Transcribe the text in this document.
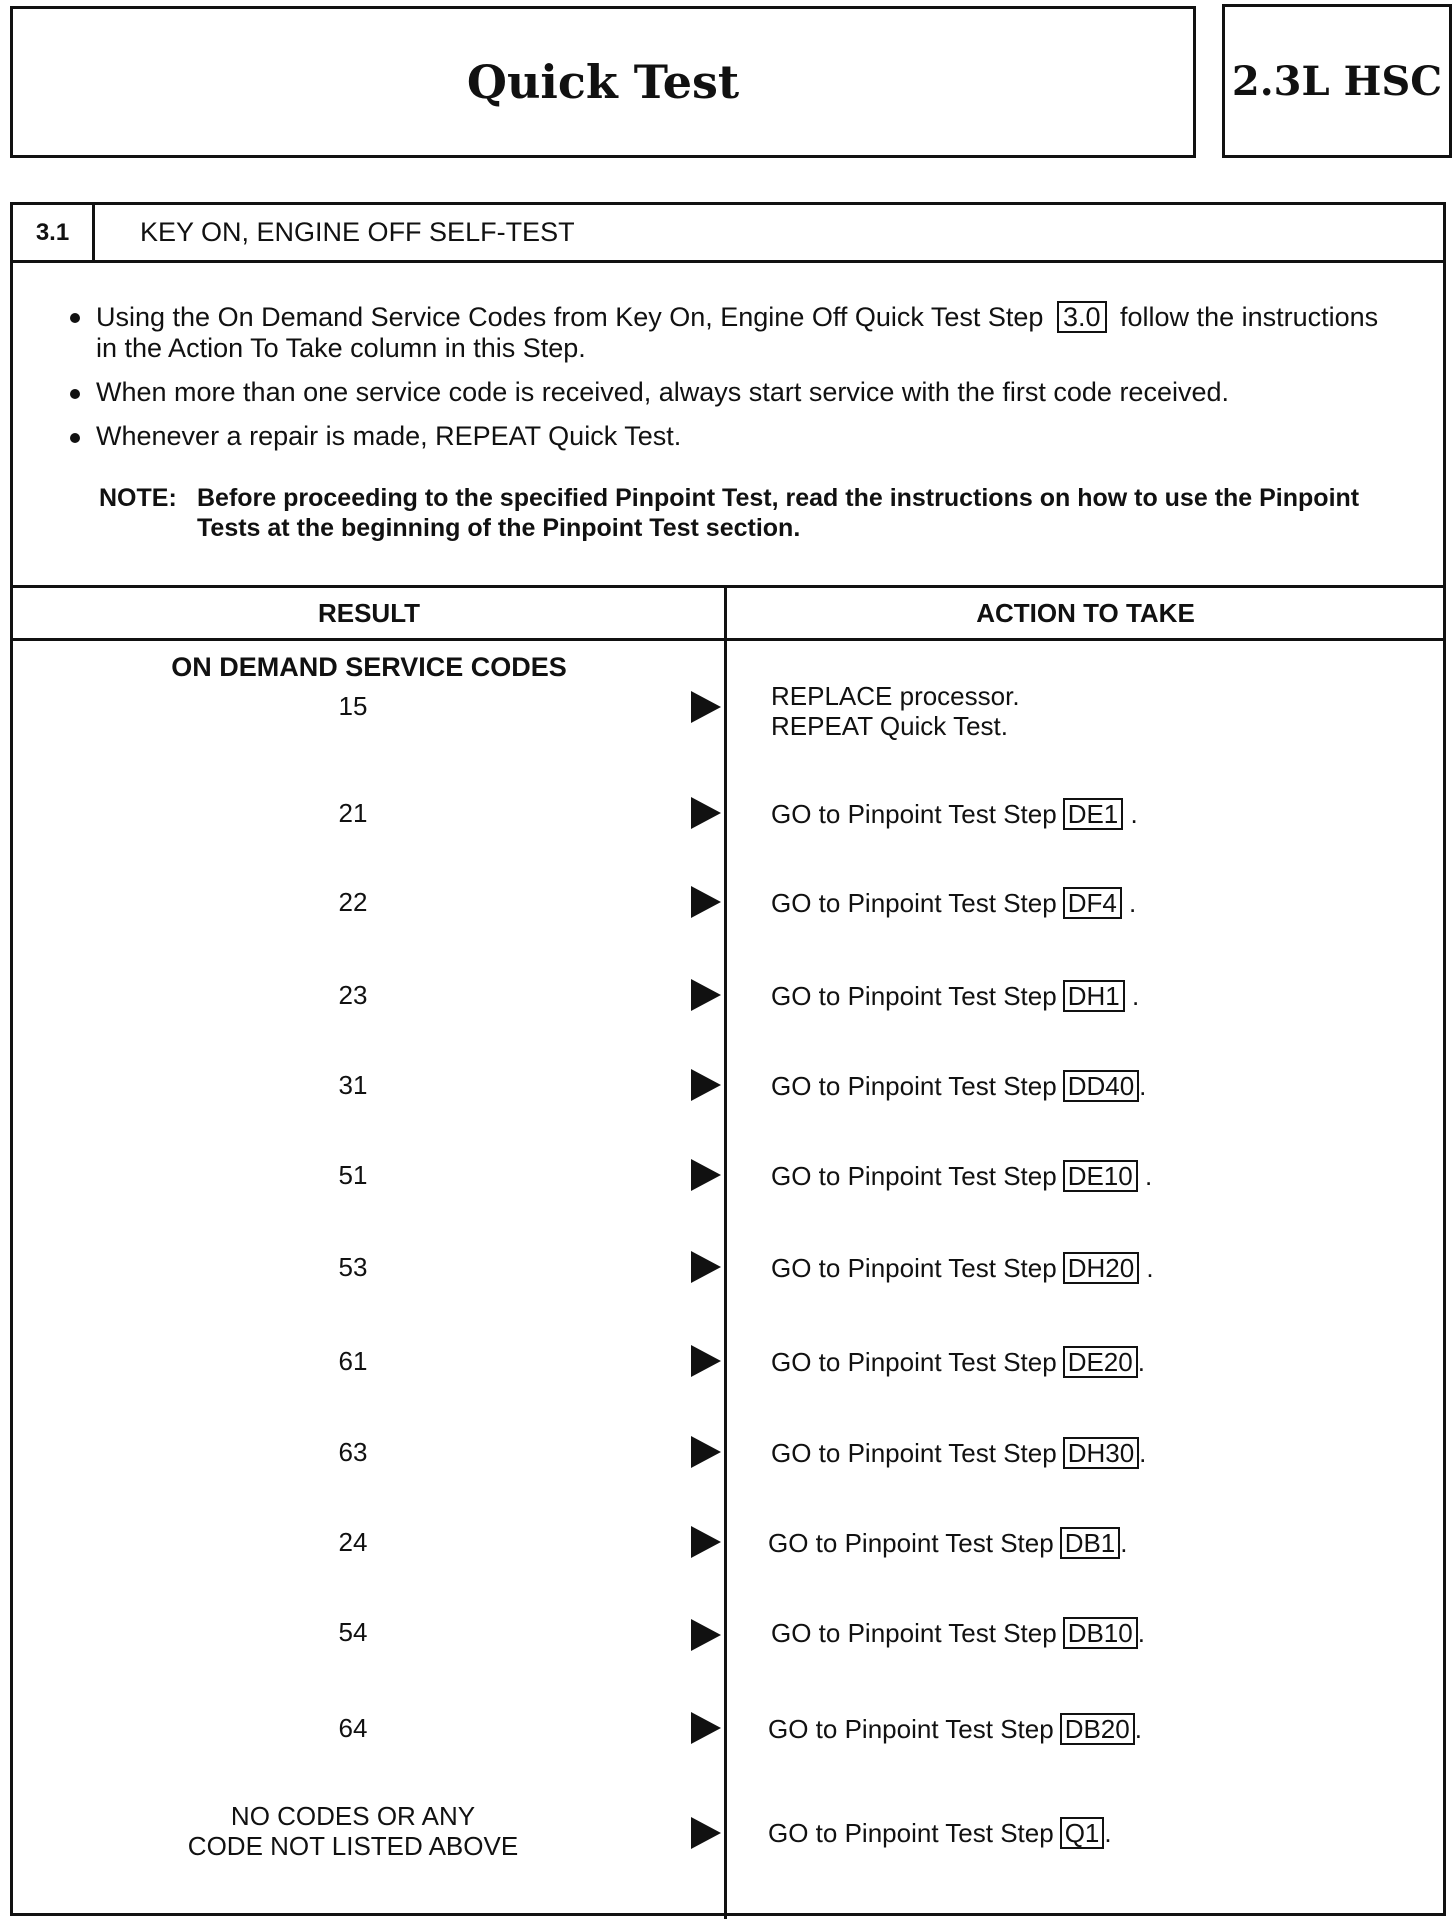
Quick Test	2.3L HSC
3.1	KEY ON, ENGINE OFF SELF-TEST
Using the On Demand Service Codes from Key On, Engine Off Quick Test Step 3.0 follow the instructions in the Action To Take column in this Step.
When more than one service code is received, always start service with the first code received.
Whenever a repair is made, REPEAT Quick Test.
NOTE: Before proceeding to the specified Pinpoint Test, read the instructions on how to use the Pinpoint Tests at the beginning of the Pinpoint Test section.
RESULT	ACTION TO TAKE
ON DEMAND SERVICE CODES
15	REPLACE processor.
REPEAT Quick Test.
21	GO to Pinpoint Test Step DE1 .
22	GO to Pinpoint Test Step DF4 .
23	GO to Pinpoint Test Step DH1 .
31	GO to Pinpoint Test Step DD40 .
51	GO to Pinpoint Test Step DE10 .
53	GO to Pinpoint Test Step DH20 .
61	GO to Pinpoint Test Step DE20 .
63	GO to Pinpoint Test Step DH30 .
24	GO to Pinpoint Test Step DB1 .
54	GO to Pinpoint Test Step DB10 .
64	GO to Pinpoint Test Step DB20 .
NO CODES OR ANY
CODE NOT LISTED ABOVE	GO to Pinpoint Test Step Q1 .
